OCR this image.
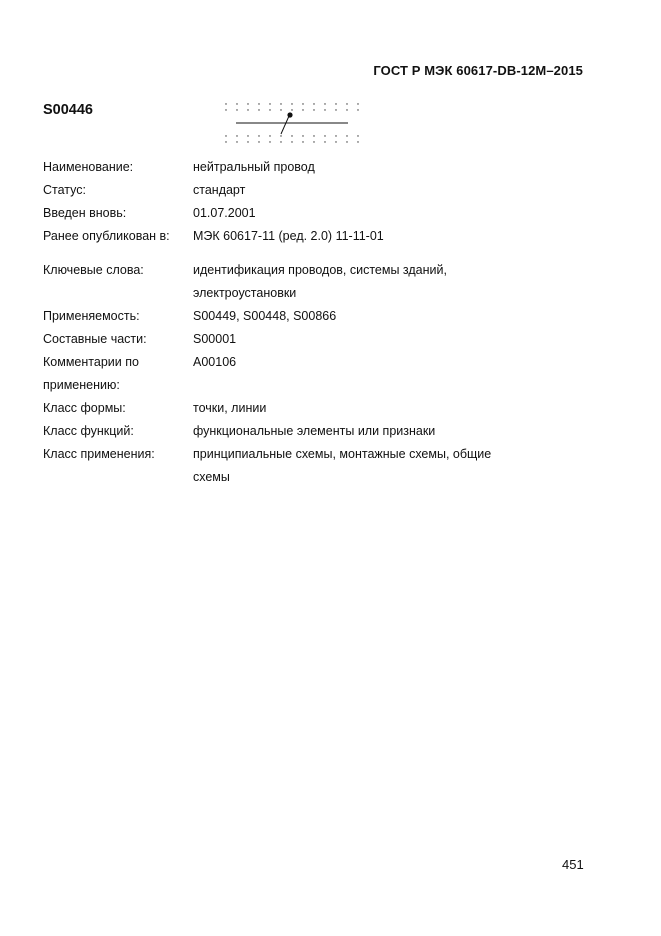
ГОСТ Р МЭК 60617-DB-12M–2015
S00446
Наименование:	нейтральный провод
Статус:	стандарт
Введен вновь:	01.07.2001
Ранее опубликован в:	МЭК 60617-11 (ред. 2.0) 11-11-01
Ключевые слова:	идентификация проводов, системы зданий, электроустановки
Применяемость:	S00449, S00448, S00866
Составные части:	S00001
Комментарии по применению:
A00106
Класс формы:	точки, линии
Класс функций:	функциональные элементы или признаки
Класс применения:	принципиальные схемы, монтажные схемы, общие схемы
451
